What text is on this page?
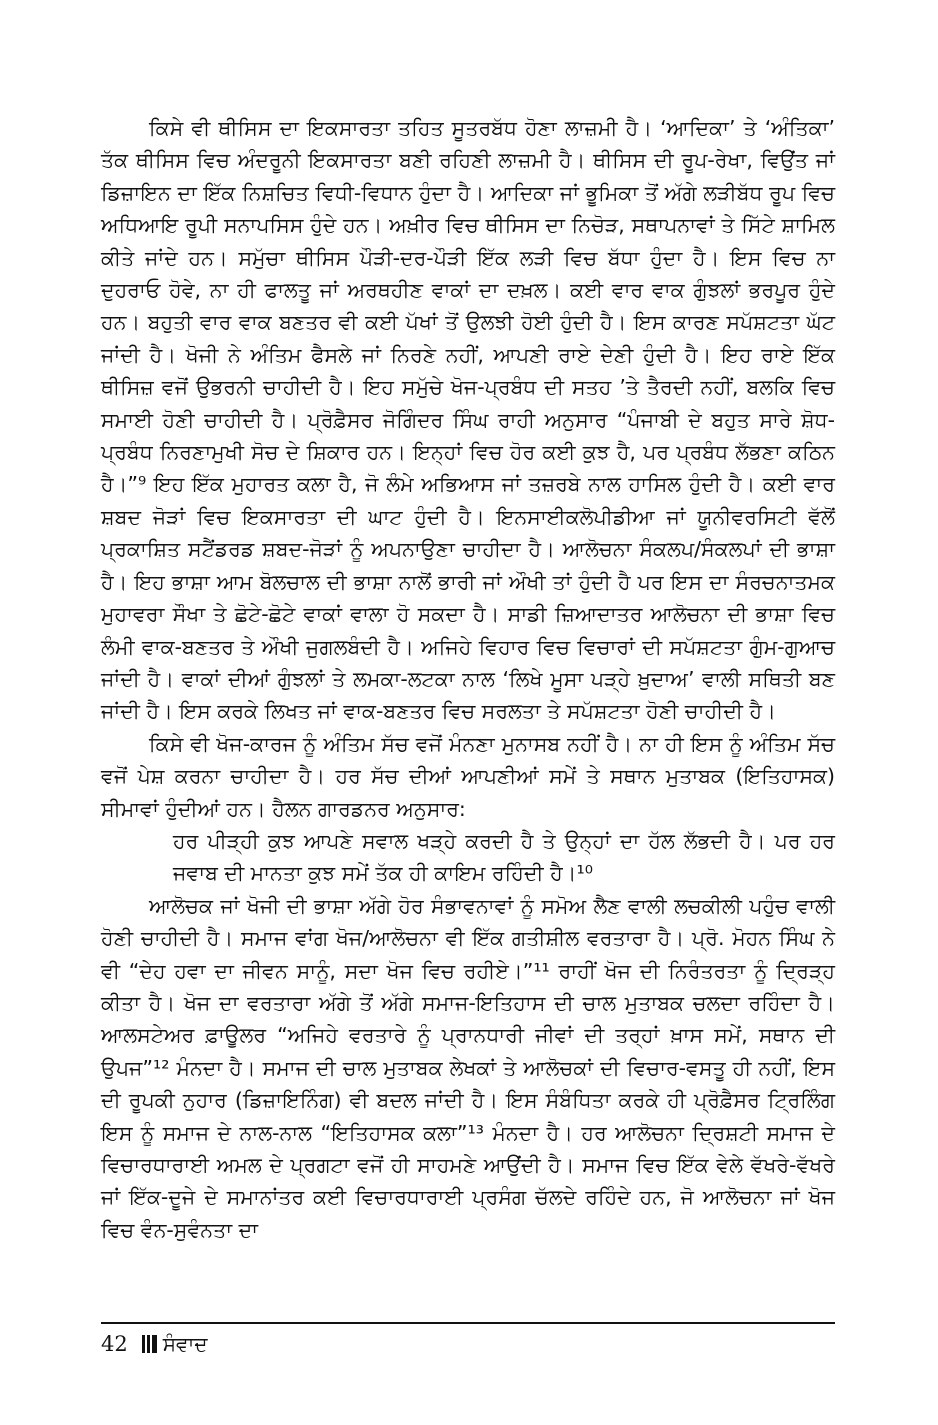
ਕਿਸੇ ਵੀ ਥੀਸਿਸ ਦਾ ਇਕਸਾਰਤਾ ਤਹਿਤ ਸੂਤਰਬੱਧ ਹੋਣਾ ਲਾਜ਼ਮੀ ਹੈ। ‘ਆਦਿਕਾ’ ਤੇ ‘ਅੰਤਿਕਾ’ ਤੱਕ ਥੀਸਿਸ ਵਿਚ ਅੰਦਰੂਨੀ ਇਕਸਾਰਤਾ ਬਣੀ ਰਹਿਣੀ ਲਾਜ਼ਮੀ ਹੈ। ਥੀਸਿਸ ਦੀ ਰੂਪ-ਰੇਖਾ, ਵਿਉਂਤ ਜਾਂ ਡਿਜ਼ਾਇਨ ਦਾ ਇੱਕ ਨਿਸ਼ਚਿਤ ਵਿਧੀ-ਵਿਧਾਨ ਹੁੰਦਾ ਹੈ। ਆਦਿਕਾ ਜਾਂ ਭੂਮਿਕਾ ਤੋਂ ਅੱਗੇ ਲੜੀਬੱਧ ਰੂਪ ਵਿਚ ਅਧਿਆਇ ਰੂਪੀ ਸਨਾਪਸਿਸ ਹੁੰਦੇ ਹਨ। ਅਖ਼ੀਰ ਵਿਚ ਥੀਸਿਸ ਦਾ ਨਿਚੋੜ, ਸਥਾਪਨਾਵਾਂ ਤੇ ਸਿੱਟੇ ਸ਼ਾਮਿਲ ਕੀਤੇ ਜਾਂਦੇ ਹਨ। ਸਮੁੱਚਾ ਥੀਸਿਸ ਪੌੜੀ-ਦਰ-ਪੌੜੀ ਇੱਕ ਲੜੀ ਵਿਚ ਬੱਧਾ ਹੁੰਦਾ ਹੈ। ਇਸ ਵਿਚ ਨਾ ਦੁਹਰਾਓ ਹੋਵੇ, ਨਾ ਹੀ ਫਾਲਤੂ ਜਾਂ ਅਰਥਹੀਣ ਵਾਕਾਂ ਦਾ ਦਖ਼ਲ। ਕਈ ਵਾਰ ਵਾਕ ਗੁੰਝਲਾਂ ਭਰਪੂਰ ਹੁੰਦੇ ਹਨ। ਬਹੁਤੀ ਵਾਰ ਵਾਕ ਬਣਤਰ ਵੀ ਕਈ ਪੱਖਾਂ ਤੋਂ ਉਲਝੀ ਹੋਈ ਹੁੰਦੀ ਹੈ। ਇਸ ਕਾਰਣ ਸਪੱਸ਼ਟਤਾ ਘੱਟ ਜਾਂਦੀ ਹੈ। ਖੋਜੀ ਨੇ ਅੰਤਿਮ ਫੈਸਲੇ ਜਾਂ ਨਿਰਣੇ ਨਹੀਂ, ਆਪਣੀ ਰਾਏ ਦੇਣੀ ਹੁੰਦੀ ਹੈ। ਇਹ ਰਾਏ ਇੱਕ ਥੀਸਿਜ਼ ਵਜੋਂ ਉਭਰਨੀ ਚਾਹੀਦੀ ਹੈ। ਇਹ ਸਮੁੱਚੇ ਖੋਜ-ਪ੍ਰਬੰਧ ਦੀ ਸਤਹ ’ਤੇ ਤੈਰਦੀ ਨਹੀਂ, ਬਲਕਿ ਵਿਚ ਸਮਾਈ ਹੋਣੀ ਚਾਹੀਦੀ ਹੈ। ਪ੍ਰੋਫ਼ੈਸਰ ਜੋਗਿੰਦਰ ਸਿੰਘ ਰਾਹੀ ਅਨੁਸਾਰ “ਪੰਜਾਬੀ ਦੇ ਬਹੁਤ ਸਾਰੇ ਸ਼ੋਧ-ਪ੍ਰਬੰਧ ਨਿਰਣਾਮੁਖੀ ਸੋਚ ਦੇ ਸ਼ਿਕਾਰ ਹਨ। ਇਨ੍ਹਾਂ ਵਿਚ ਹੋਰ ਕਈ ਕੁਝ ਹੈ, ਪਰ ਪ੍ਰਬੰਧ ਲੱਭਣਾ ਕਠਿਨ ਹੈ।”⁹ ਇਹ ਇੱਕ ਮੁਹਾਰਤ ਕਲਾ ਹੈ, ਜੋ ਲੰਮੇ ਅਭਿਆਸ ਜਾਂ ਤਜ਼ਰਬੇ ਨਾਲ ਹਾਸਿਲ ਹੁੰਦੀ ਹੈ। ਕਈ ਵਾਰ ਸ਼ਬਦ ਜੋੜਾਂ ਵਿਚ ਇਕਸਾਰਤਾ ਦੀ ਘਾਟ ਹੁੰਦੀ ਹੈ। ਇਨਸਾਈਕਲੋਪੀਡੀਆ ਜਾਂ ਯੂਨੀਵਰਸਿਟੀ ਵੱਲੋਂ ਪ੍ਰਕਾਸ਼ਿਤ ਸਟੈਂਡਰਡ ਸ਼ਬਦ-ਜੋੜਾਂ ਨੂੰ ਅਪਨਾਉਣਾ ਚਾਹੀਦਾ ਹੈ। ਆਲੋਚਨਾ ਸੰਕਲਪ/ਸੰਕਲਪਾਂ ਦੀ ਭਾਸ਼ਾ ਹੈ। ਇਹ ਭਾਸ਼ਾ ਆਮ ਬੋਲਚਾਲ ਦੀ ਭਾਸ਼ਾ ਨਾਲੋਂ ਭਾਰੀ ਜਾਂ ਔਖੀ ਤਾਂ ਹੁੰਦੀ ਹੈ ਪਰ ਇਸ ਦਾ ਸੰਰਚਨਾਤਮਕ ਮੁਹਾਵਰਾ ਸੌਖਾ ਤੇ ਛੋਟੇ-ਛੋਟੇ ਵਾਕਾਂ ਵਾਲਾ ਹੋ ਸਕਦਾ ਹੈ। ਸਾਡੀ ਜ਼ਿਆਦਾਤਰ ਆਲੋਚਨਾ ਦੀ ਭਾਸ਼ਾ ਵਿਚ ਲੰਮੀ ਵਾਕ-ਬਣਤਰ ਤੇ ਔਖੀ ਜੁਗਲਬੰਦੀ ਹੈ। ਅਜਿਹੇ ਵਿਹਾਰ ਵਿਚ ਵਿਚਾਰਾਂ ਦੀ ਸਪੱਸ਼ਟਤਾ ਗੁੰਮ-ਗੁਆਚ ਜਾਂਦੀ ਹੈ। ਵਾਕਾਂ ਦੀਆਂ ਗੁੰਝਲਾਂ ਤੇ ਲਮਕਾ-ਲਟਕਾ ਨਾਲ ‘ਲਿਖੇ ਮੂਸਾ ਪੜ੍ਹੇ ਖ਼ੁਦਾਅ’ ਵਾਲੀ ਸਥਿਤੀ ਬਣ ਜਾਂਦੀ ਹੈ। ਇਸ ਕਰਕੇ ਲਿਖਤ ਜਾਂ ਵਾਕ-ਬਣਤਰ ਵਿਚ ਸਰਲਤਾ ਤੇ ਸਪੱਸ਼ਟਤਾ ਹੋਣੀ ਚਾਹੀਦੀ ਹੈ।

ਕਿਸੇ ਵੀ ਖੋਜ-ਕਾਰਜ ਨੂੰ ਅੰਤਿਮ ਸੱਚ ਵਜੋਂ ਮੰਨਣਾ ਮੁਨਾਸਬ ਨਹੀਂ ਹੈ। ਨਾ ਹੀ ਇਸ ਨੂੰ ਅੰਤਿਮ ਸੱਚ ਵਜੋਂ ਪੇਸ਼ ਕਰਨਾ ਚਾਹੀਦਾ ਹੈ। ਹਰ ਸੱਚ ਦੀਆਂ ਆਪਣੀਆਂ ਸਮੇਂ ਤੇ ਸਥਾਨ ਮੁਤਾਬਕ (ਇਤਿਹਾਸਕ) ਸੀਮਾਵਾਂ ਹੁੰਦੀਆਂ ਹਨ। ਹੈਲਨ ਗਾਰਡਨਰ ਅਨੁਸਾਰ:

ਹਰ ਪੀੜ੍ਹੀ ਕੁਝ ਆਪਣੇ ਸਵਾਲ ਖੜ੍ਹੇ ਕਰਦੀ ਹੈ ਤੇ ਉਨ੍ਹਾਂ ਦਾ ਹੱਲ ਲੱਭਦੀ ਹੈ। ਪਰ ਹਰ ਜਵਾਬ ਦੀ ਮਾਨਤਾ ਕੁਝ ਸਮੇਂ ਤੱਕ ਹੀ ਕਾਇਮ ਰਹਿੰਦੀ ਹੈ।¹⁰

ਆਲੋਚਕ ਜਾਂ ਖੋਜੀ ਦੀ ਭਾਸ਼ਾ ਅੱਗੇ ਹੋਰ ਸੰਭਾਵਨਾਵਾਂ ਨੂੰ ਸਮੋਅ ਲੈਣ ਵਾਲੀ ਲਚਕੀਲੀ ਪਹੁੰਚ ਵਾਲੀ ਹੋਣੀ ਚਾਹੀਦੀ ਹੈ। ਸਮਾਜ ਵਾਂਗ ਖੋਜ/ਆਲੋਚਨਾ ਵੀ ਇੱਕ ਗਤੀਸ਼ੀਲ ਵਰਤਾਰਾ ਹੈ। ਪ੍ਰੋ. ਮੋਹਨ ਸਿੰਘ ਨੇ ਵੀ “ਦੇਹ ਹਵਾ ਦਾ ਜੀਵਨ ਸਾਨੂੰ, ਸਦਾ ਖੋਜ ਵਿਚ ਰਹੀਏ।”¹¹ ਰਾਹੀਂ ਖੋਜ ਦੀ ਨਿਰੰਤਰਤਾ ਨੂੰ ਦ੍ਰਿੜ੍ਹ ਕੀਤਾ ਹੈ। ਖੋਜ ਦਾ ਵਰਤਾਰਾ ਅੱਗੇ ਤੋਂ ਅੱਗੇ ਸਮਾਜ-ਇਤਿਹਾਸ ਦੀ ਚਾਲ ਮੁਤਾਬਕ ਚਲਦਾ ਰਹਿੰਦਾ ਹੈ। ਆਲਸਟੇਅਰ ਫ਼ਾਊਲਰ “ਅਜਿਹੇ ਵਰਤਾਰੇ ਨੂੰ ਪ੍ਰਾਨਧਾਰੀ ਜੀਵਾਂ ਦੀ ਤਰ੍ਹਾਂ ਖ਼ਾਸ ਸਮੇਂ, ਸਥਾਨ ਦੀ ਉਪਜ”¹² ਮੰਨਦਾ ਹੈ। ਸਮਾਜ ਦੀ ਚਾਲ ਮੁਤਾਬਕ ਲੇਖਕਾਂ ਤੇ ਆਲੋਚਕਾਂ ਦੀ ਵਿਚਾਰ-ਵਸਤੂ ਹੀ ਨਹੀਂ, ਇਸ ਦੀ ਰੂਪਕੀ ਨੁਹਾਰ (ਡਿਜ਼ਾਇਨਿੰਗ) ਵੀ ਬਦਲ ਜਾਂਦੀ ਹੈ। ਇਸ ਸੰਬੰਧਿਤਾ ਕਰਕੇ ਹੀ ਪ੍ਰੋਫ਼ੈਸਰ ਟ੍ਰਿਲਿੰਗ ਇਸ ਨੂੰ ਸਮਾਜ ਦੇ ਨਾਲ-ਨਾਲ “ਇਤਿਹਾਸਕ ਕਲਾ”¹³ ਮੰਨਦਾ ਹੈ। ਹਰ ਆਲੋਚਨਾ ਦ੍ਰਿਸ਼ਟੀ ਸਮਾਜ ਦੇ ਵਿਚਾਰਧਾਰਾਈ ਅਮਲ ਦੇ ਪ੍ਰਗਟਾ ਵਜੋਂ ਹੀ ਸਾਹਮਣੇ ਆਉਂਦੀ ਹੈ। ਸਮਾਜ ਵਿਚ ਇੱਕ ਵੇਲੇ ਵੱਖਰੇ-ਵੱਖਰੇ ਜਾਂ ਇੱਕ-ਦੂਜੇ ਦੇ ਸਮਾਨਾਂਤਰ ਕਈ ਵਿਚਾਰਧਾਰਾਈ ਪ੍ਰਸੰਗ ਚੱਲਦੇ ਰਹਿੰਦੇ ਹਨ, ਜੋ ਆਲੋਚਨਾ ਜਾਂ ਖੋਜ ਵਿਚ ਵੰਨ-ਸੁਵੰਨਤਾ ਦਾ

42 ਸੰਵਾਦ
